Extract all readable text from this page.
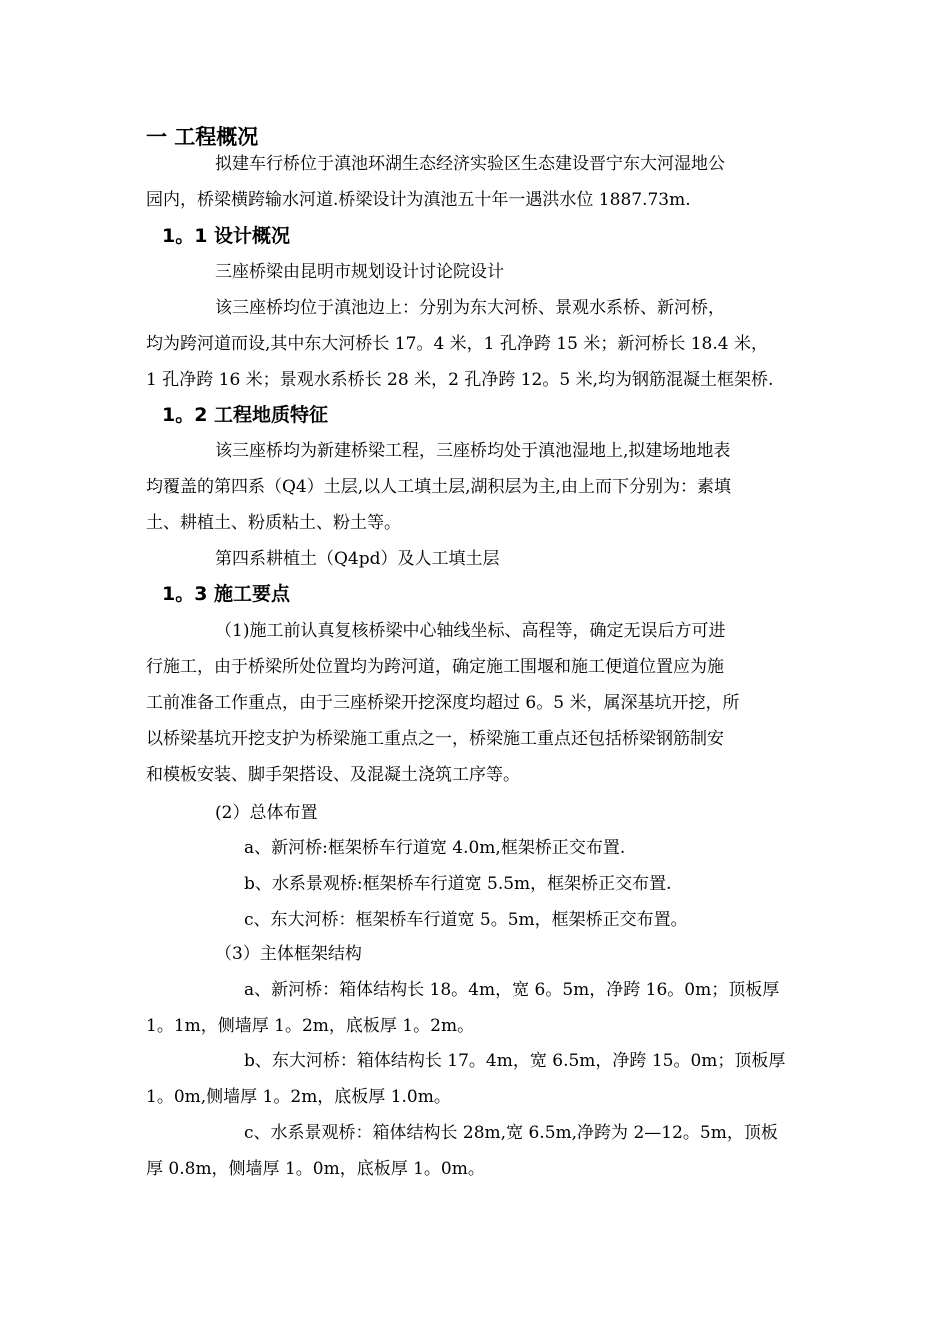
一 工程概况
拟建车行桥位于滇池环湖生态经济实验区生态建设晋宁东大河湿地公
园内，桥梁横跨输水河道.桥梁设计为滇池五十年一遇洪水位 1887.73m.
1。1 设计概况
三座桥梁由昆明市规划设计讨论院设计
该三座桥均位于滇池边上：分别为东大河桥、景观水系桥、新河桥，
均为跨河道而设,其中东大河桥长 17。4 米，1 孔净跨 15 米；新河桥长 18.4 米，
1 孔净跨 16 米；景观水系桥长 28 米，2 孔净跨 12。5 米,均为钢筋混凝土框架桥.
1。2 工程地质特征
该三座桥均为新建桥梁工程，三座桥均处于滇池湿地上,拟建场地地表
均覆盖的第四系（Q4）土层,以人工填土层,湖积层为主,由上而下分别为：素填
土、耕植土、粉质粘土、粉土等。
第四系耕植土（Q4pd）及人工填土层
1。3 施工要点
（1)施工前认真复核桥梁中心轴线坐标、高程等，确定无误后方可进
行施工，由于桥梁所处位置均为跨河道，确定施工围堰和施工便道位置应为施
工前准备工作重点，由于三座桥梁开挖深度均超过 6。5 米，属深基坑开挖，所
以桥梁基坑开挖支护为桥梁施工重点之一，桥梁施工重点还包括桥梁钢筋制安
和模板安装、脚手架搭设、及混凝土浇筑工序等。
(2）总体布置
a、新河桥:框架桥车行道宽 4.0m,框架桥正交布置.
b、水系景观桥:框架桥车行道宽 5.5m，框架桥正交布置.
c、东大河桥：框架桥车行道宽 5。5m，框架桥正交布置。
（3）主体框架结构
a、新河桥：箱体结构长 18。4m，宽 6。5m，净跨 16。0m；顶板厚
1。1m，侧墙厚 1。2m，底板厚 1。2m。
b、东大河桥：箱体结构长 17。4m，宽 6.5m，净跨 15。0m；顶板厚
1。0m,侧墙厚 1。2m，底板厚 1.0m。
c、水系景观桥：箱体结构长 28m,宽 6.5m,净跨为 2—12。5m，顶板
厚 0.8m，侧墙厚 1。0m，底板厚 1。0m。
